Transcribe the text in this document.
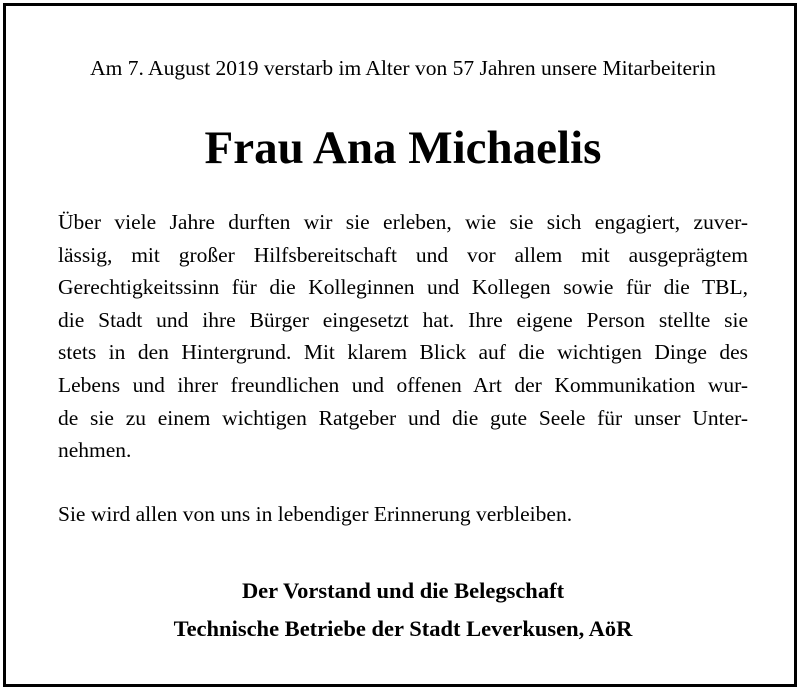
Am 7. August 2019 verstarb im Alter von 57 Jahren unsere Mitarbeiterin
Frau Ana Michaelis
Über viele Jahre durften wir sie erleben, wie sie sich engagiert, zuver-
lässig, mit großer Hilfsbereitschaft und vor allem mit ausgeprägtem
Gerechtigkeitssinn für die Kolleginnen und Kollegen sowie für die TBL,
die Stadt und ihre Bürger eingesetzt hat. Ihre eigene Person stellte sie
stets in den Hintergrund. Mit klarem Blick auf die wichtigen Dinge des
Lebens und ihrer freundlichen und offenen Art der Kommunikation wur-
de sie zu einem wichtigen Ratgeber und die gute Seele für unser Unter-
nehmen.
Sie wird allen von uns in lebendiger Erinnerung verbleiben.
Der Vorstand und die Belegschaft
Technische Betriebe der Stadt Leverkusen, AöR
